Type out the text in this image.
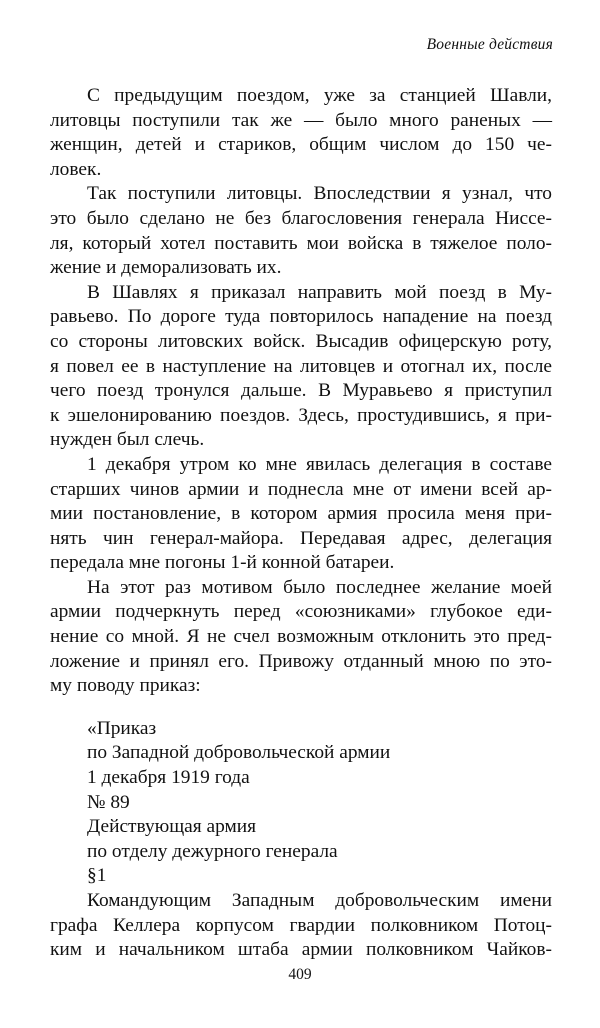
Военные действия
С предыдущим поездом, уже за станцией Шавли,
литовцы поступили так же — было много раненых —
женщин, детей и стариков, общим числом до 150 че-
ловек.
Так поступили литовцы. Впоследствии я узнал, что
это было сделано не без благословения генерала Ниссе-
ля, который хотел поставить мои войска в тяжелое поло-
жение и деморализовать их.
В Шавлях я приказал направить мой поезд в Му-
равьево. По дороге туда повторилось нападение на поезд
со стороны литовских войск. Высадив офицерскую роту,
я повел ее в наступление на литовцев и отогнал их, после
чего поезд тронулся дальше. В Муравьево я приступил
к эшелонированию поездов. Здесь, простудившись, я при-
нужден был слечь.
1 декабря утром ко мне явилась делегация в составе
старших чинов армии и поднесла мне от имени всей ар-
мии постановление, в котором армия просила меня при-
нять чин генерал-майора. Передавая адрес, делегация
передала мне погоны 1-й конной батареи.
На этот раз мотивом было последнее желание моей
армии подчеркнуть перед «союзниками» глубокое еди-
нение со мной. Я не счел возможным отклонить это пред-
ложение и принял его. Привожу отданный мною по это-
му поводу приказ:
«Приказ
по Западной добровольческой армии
1 декабря 1919 года
№ 89
Действующая армия
по отделу дежурного генерала
§1
Командующим Западным добровольческим имени
графа Келлера корпусом гвардии полковником Потоц-
ким и начальником штаба армии полковником Чайков-
409
